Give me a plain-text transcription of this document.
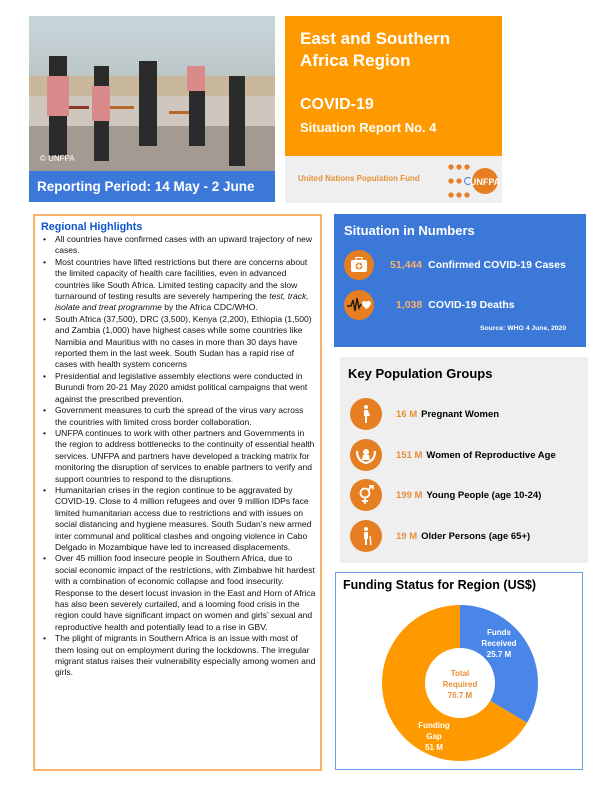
© UNFPA
Reporting Period: 14 May - 2 June 2020
East and Southern
Africa Region
COVID-19
Situation Report No. 4
United Nations Population Fund	UNFPA
Regional Highlights
• All countries have confirmed cases with an upward trajectory of new cases.
• Most countries have lifted restrictions but there are concerns about the limited capacity of health care facilities, even in advanced countries like South Africa. Limited testing capacity and the slow turnaround of testing results are severely hampering the test, track, isolate and treat programme by the Africa CDC/WHO.
• South Africa (37,500), DRC (3,500), Kenya (2,200), Ethiopia (1,500) and Zambia (1,000) have highest cases while some countries like Namibia and Mauritius with no cases in more than 30 days have reported them in the last week. South Sudan has a rapid rise of cases with health system concerns
• Presidential and legislative assembly elections were conducted in Burundi from 20-21 May 2020 amidst political campaigns that went against the prescribed prevention.
• Government measures to curb the spread of the virus vary across the countries with limited cross border collaboration.
• UNFPA continues to work with other partners and Governments in the region to address bottlenecks to the continuity of essential health services. UNFPA and partners have developed a tracking matrix for monitoring the disruption of services to enable partners to verify and support countries to respond to the disruptions.
• Humanitarian crises in the region continue to be aggravated by COVID-19. Close to 4 million refugees and over 9 million IDPs face limited humanitarian access due to restrictions and with issues on social distancing and hygiene measures. South Sudan’s new armed inter communal and political clashes and ongoing violence in Cabo Delgado in Mozambique have led to increased displacements.
• Over 45 million food insecure people in Southern Africa, due to social economic impact of the restrictions, with Zimbabwe hit hardest with a combination of economic collapse and food insecurity. Response to the desert locust invasion in the East and Horn of Africa has also been severely curtailed, and a looming food crisis in the region could have significant impact on women and girls’ sexual and reproductive health and potentially lead to a rise in GBV.
• The plight of migrants in Southern Africa is an issue with most of them losing out on employment during the lockdowns. The irregular migrant status raises their vulnerability especially among women and girls.
Situation in Numbers
51,444 Confirmed COVID-19 Cases
1,038 COVID-19 Deaths
Source: WHO 4 June, 2020
Key Population Groups
16 M Pregnant Women
151 M Women of Reproductive Age
199 M Young People (age 10-24)
19 M Older Persons (age 65+)
Funding Status for Region (US$)
Total
Required
76.7 M
Funds
Received
25.7 M
Funding
Gap
51 M
